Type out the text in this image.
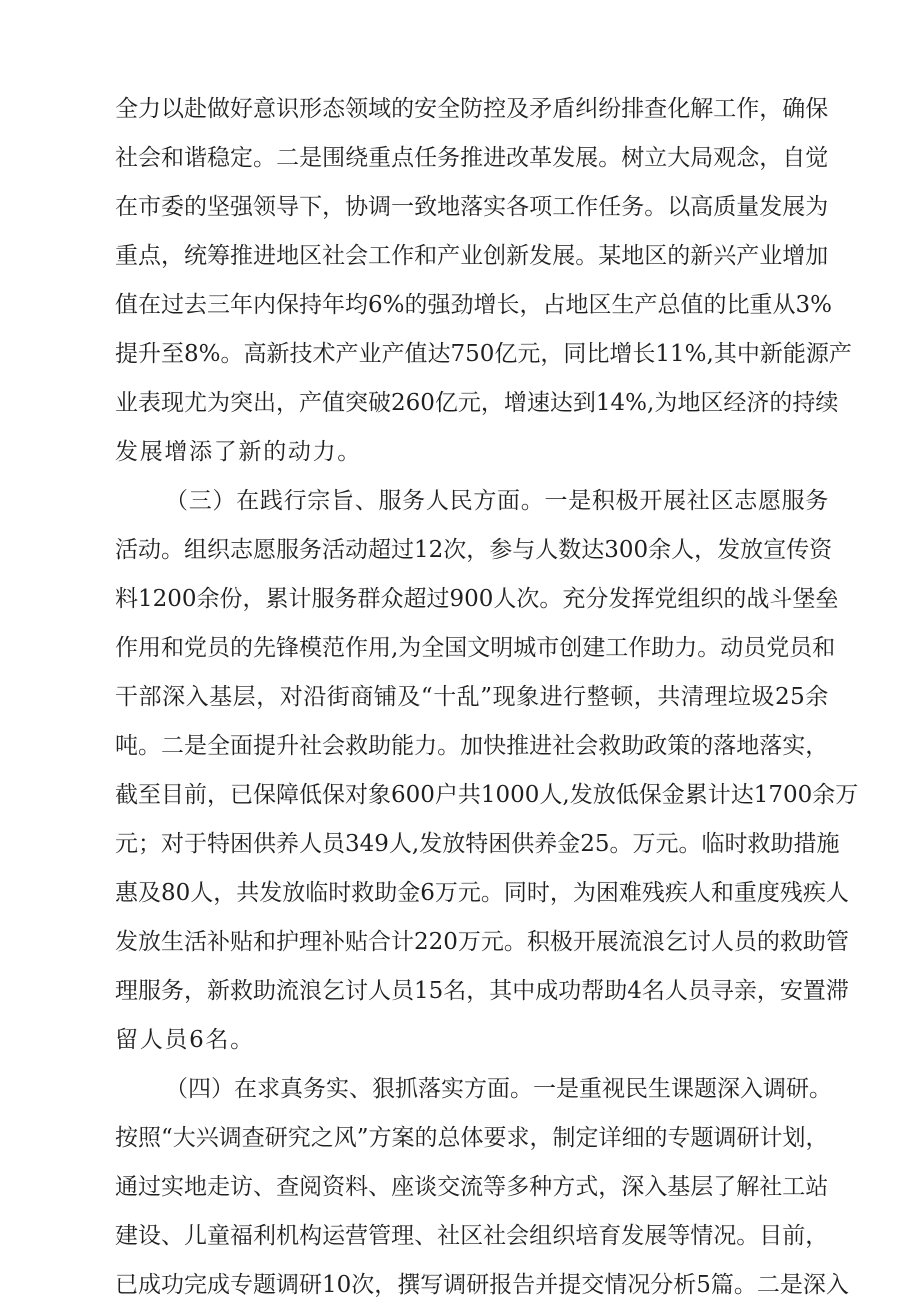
全力以赴做好意识形态领域的安全防控及矛盾纠纷排查化解工作，确保
社会和谐稳定。二是围绕重点任务推进改革发展。树立大局观念，自觉
在市委的坚强领导下，协调一致地落实各项工作任务。以高质量发展为
重点，统筹推进地区社会工作和产业创新发展。某地区的新兴产业增加
值在过去三年内保持年均6%的强劲增长，占地区生产总值的比重从3%
提升至8%。高新技术产业产值达750亿元，同比增长11%,其中新能源产
业表现尤为突出，产值突破260亿元，增速达到14%,为地区经济的持续
发展增添了新的动力。
（三）在践行宗旨、服务人民方面。一是积极开展社区志愿服务
活动。组织志愿服务活动超过12次，参与人数达300余人，发放宣传资
料1200余份，累计服务群众超过900人次。充分发挥党组织的战斗堡垒
作用和党员的先锋模范作用,为全国文明城市创建工作助力。动员党员和
干部深入基层，对沿街商铺及“十乱”现象进行整顿，共清理垃圾25余
吨。二是全面提升社会救助能力。加快推进社会救助政策的落地落实，
截至目前，已保障低保对象600户共1000人,发放低保金累计达1700余万
元；对于特困供养人员349人,发放特困供养金25。万元。临时救助措施
惠及80人，共发放临时救助金6万元。同时，为困难残疾人和重度残疾人
发放生活补贴和护理补贴合计220万元。积极开展流浪乞讨人员的救助管
理服务，新救助流浪乞讨人员15名，其中成功帮助4名人员寻亲，安置滞
留人员6名。
（四）在求真务实、狠抓落实方面。一是重视民生课题深入调研。
按照“大兴调查研究之风”方案的总体要求，制定详细的专题调研计划，
通过实地走访、查阅资料、座谈交流等多种方式，深入基层了解社工站
建设、儿童福利机构运营管理、社区社会组织培育发展等情况。目前，
已成功完成专题调研10次，撰写调研报告并提交情况分析5篇。二是深入
